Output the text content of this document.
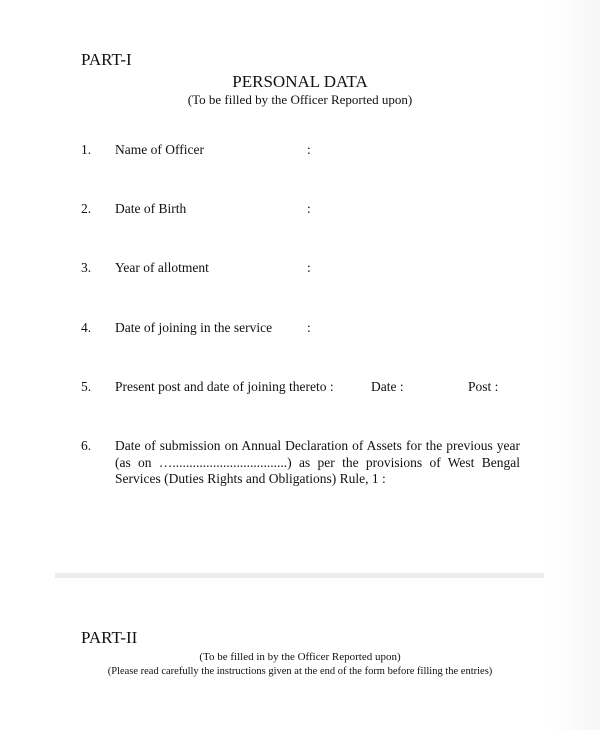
PART-I
PERSONAL DATA
(To be filled by the Officer Reported upon)
1. Name of Officer	:
2. Date of Birth	:
3. Year of allotment	:
4. Date of joining in the service	:
5. Present post and date of joining thereto :	Date :	Post :
6. Date of submission on Annual Declaration of Assets for the previous year (as on …..................................) as per the provisions of West Bengal Services (Duties Rights and Obligations) Rule, 1 :
PART-II
(To be filled in by the Officer Reported upon)
(Please read carefully the instructions given at the end of the form before filling the entries)
